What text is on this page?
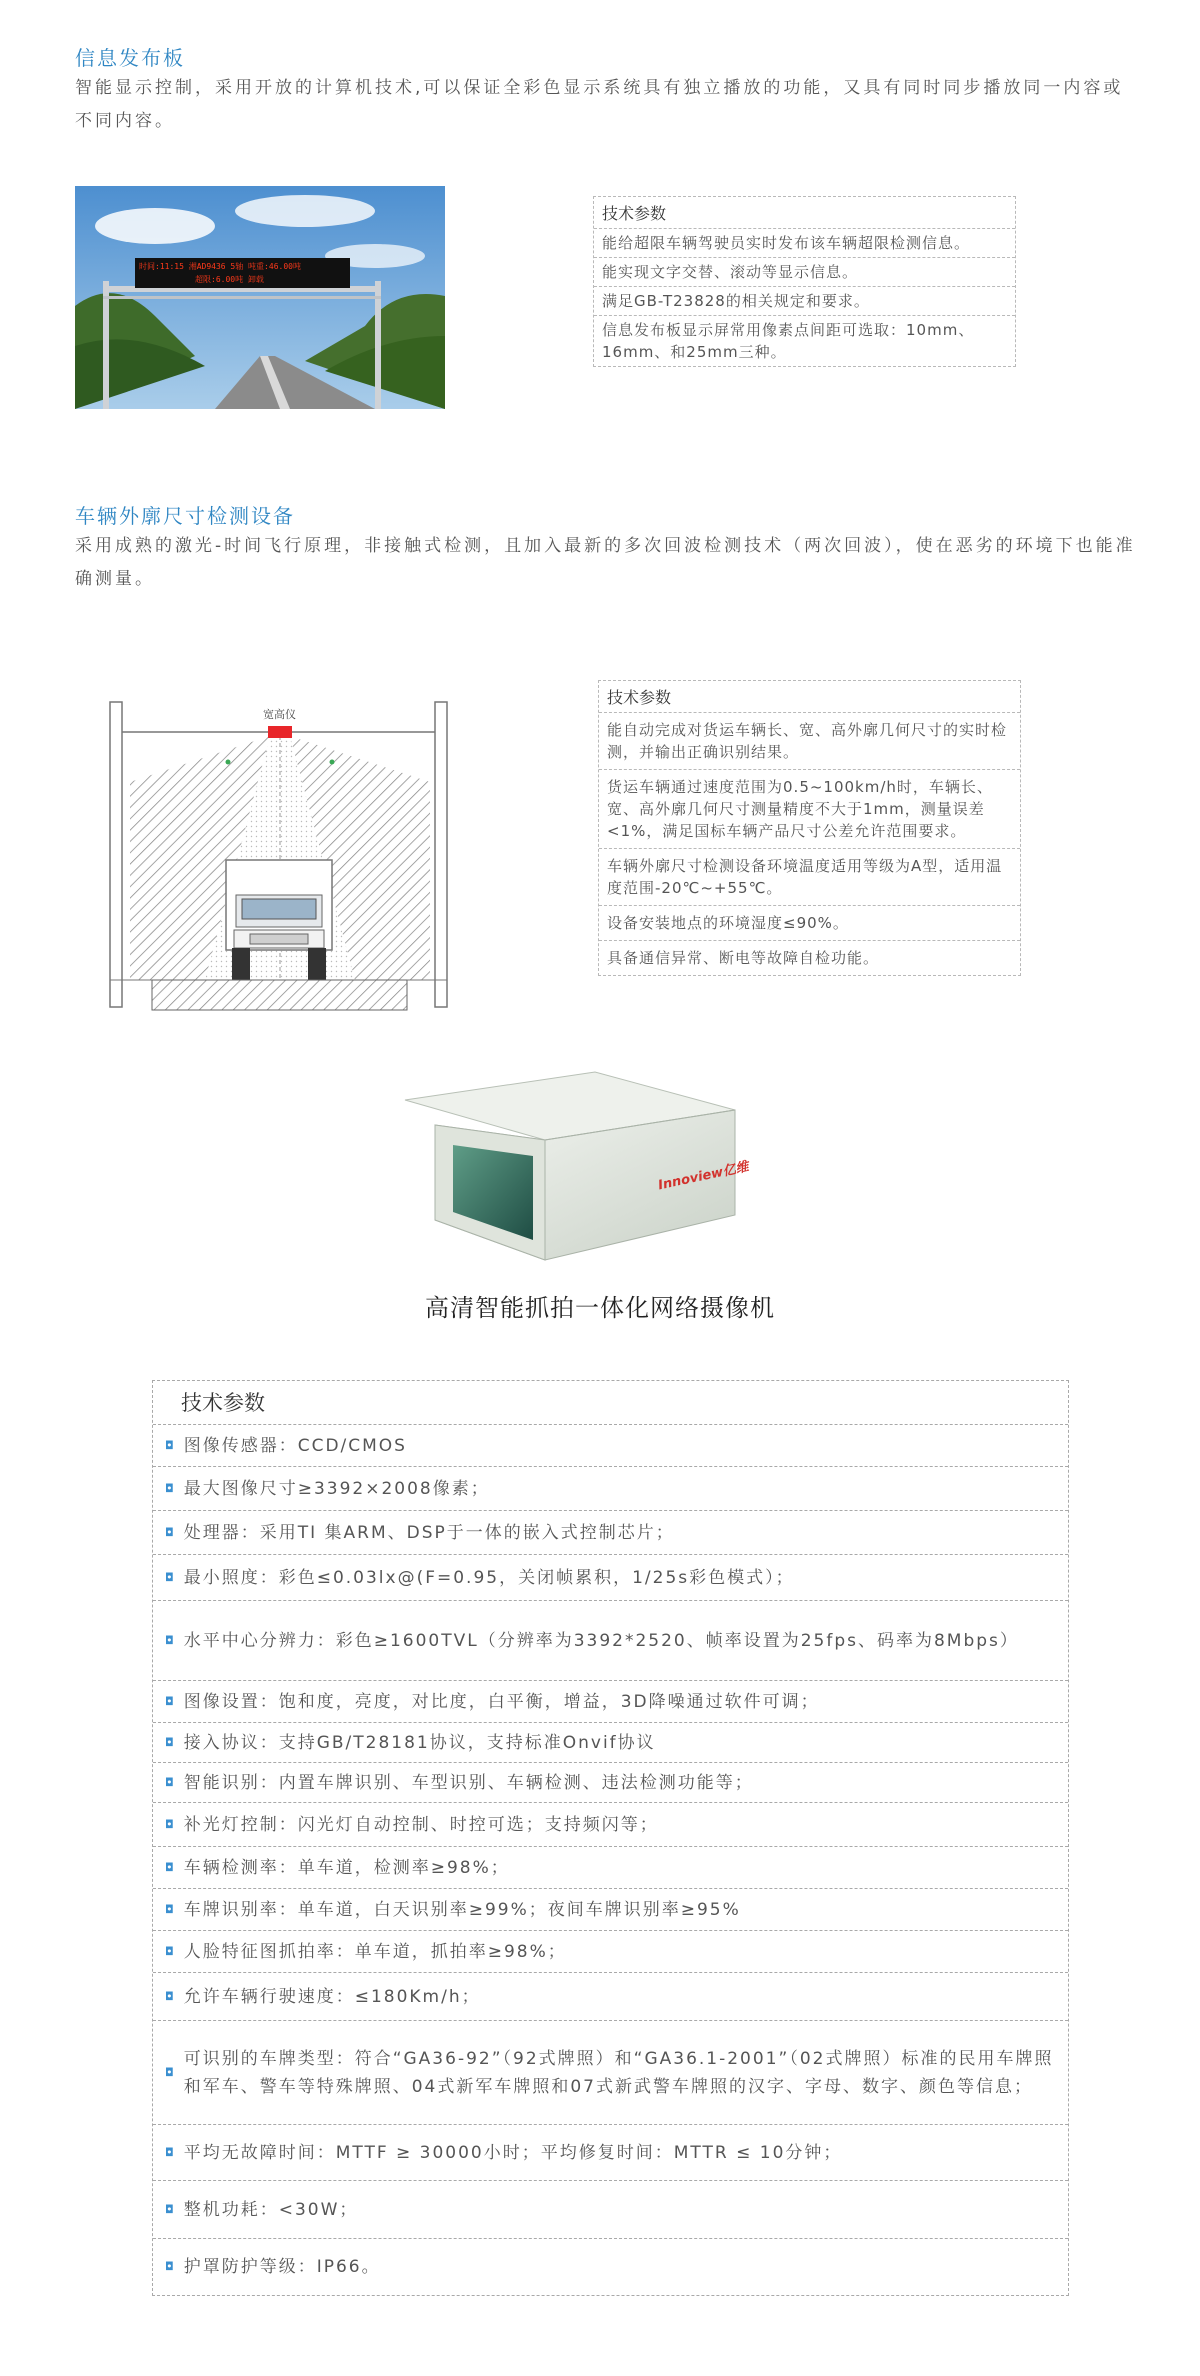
信息发布板
智能显示控制，采用开放的计算机技术,可以保证全彩色显示系统具有独立播放的功能，又具有同时同步播放同一内容或不同内容。
时间:11:15 湘AD9436 5轴 吨重:46.00吨
超限:6.00吨 卸载
技术参数
能给超限车辆驾驶员实时发布该车辆超限检测信息。
能实现文字交替、滚动等显示信息。
满足GB-T23828的相关规定和要求。
信息发布板显示屏常用像素点间距可选取：10mm、16mm、和25mm三种。
车辆外廓尺寸检测设备
采用成熟的激光-时间飞行原理，非接触式检测，且加入最新的多次回波检测技术（两次回波），使在恶劣的环境下也能准确测量。
宽高仪
技术参数
能自动完成对货运车辆长、宽、高外廓几何尺寸的实时检测，并输出正确识别结果。
货运车辆通过速度范围为0.5~100km/h时，车辆长、宽、高外廓几何尺寸测量精度不大于1mm，测量误差<1%，满足国标车辆产品尺寸公差允许范围要求。
车辆外廓尺寸检测设备环境温度适用等级为A型，适用温度范围-20℃~+55℃。
设备安装地点的环境湿度≤90%。
具备通信异常、断电等故障自检功能。
Innoview亿维
高清智能抓拍一体化网络摄像机
技术参数
◘ 图像传感器：CCD/CMOS
◘ 最大图像尺寸≥3392×2008像素；
◘ 处理器：采用TI 集ARM、DSP于一体的嵌入式控制芯片；
◘ 最小照度：彩色≤0.03lx@(F=0.95，关闭帧累积，1/25s彩色模式）；
◘ 水平中心分辨力：彩色≥1600TVL（分辨率为3392*2520、帧率设置为25fps、码率为8Mbps）
◘ 图像设置：饱和度，亮度，对比度，白平衡，增益，3D降噪通过软件可调；
◘ 接入协议：支持GB/T28181协议，支持标准Onvif协议
◘ 智能识别：内置车牌识别、车型识别、车辆检测、违法检测功能等；
◘ 补光灯控制：闪光灯自动控制、时控可选；支持频闪等；
◘ 车辆检测率：单车道，检测率≥98%；
◘ 车牌识别率：单车道，白天识别率≥99%；夜间车牌识别率≥95%
◘ 人脸特征图抓拍率：单车道，抓拍率≥98%；
◘ 允许车辆行驶速度：≤180Km/h；
◘
可识别的车牌类型：符合“GA36-92”（92式牌照）和“GA36.1-2001”（02式牌照）标准的民用车牌照和军车、警车等特殊牌照、04式新军车牌照和07式新武警车牌照的汉字、字母、数字、颜色等信息；
◘ 平均无故障时间：MTTF ≥ 30000小时；平均修复时间：MTTR ≤ 10分钟；
◘ 整机功耗：<30W；
◘ 护罩防护等级：IP66。
